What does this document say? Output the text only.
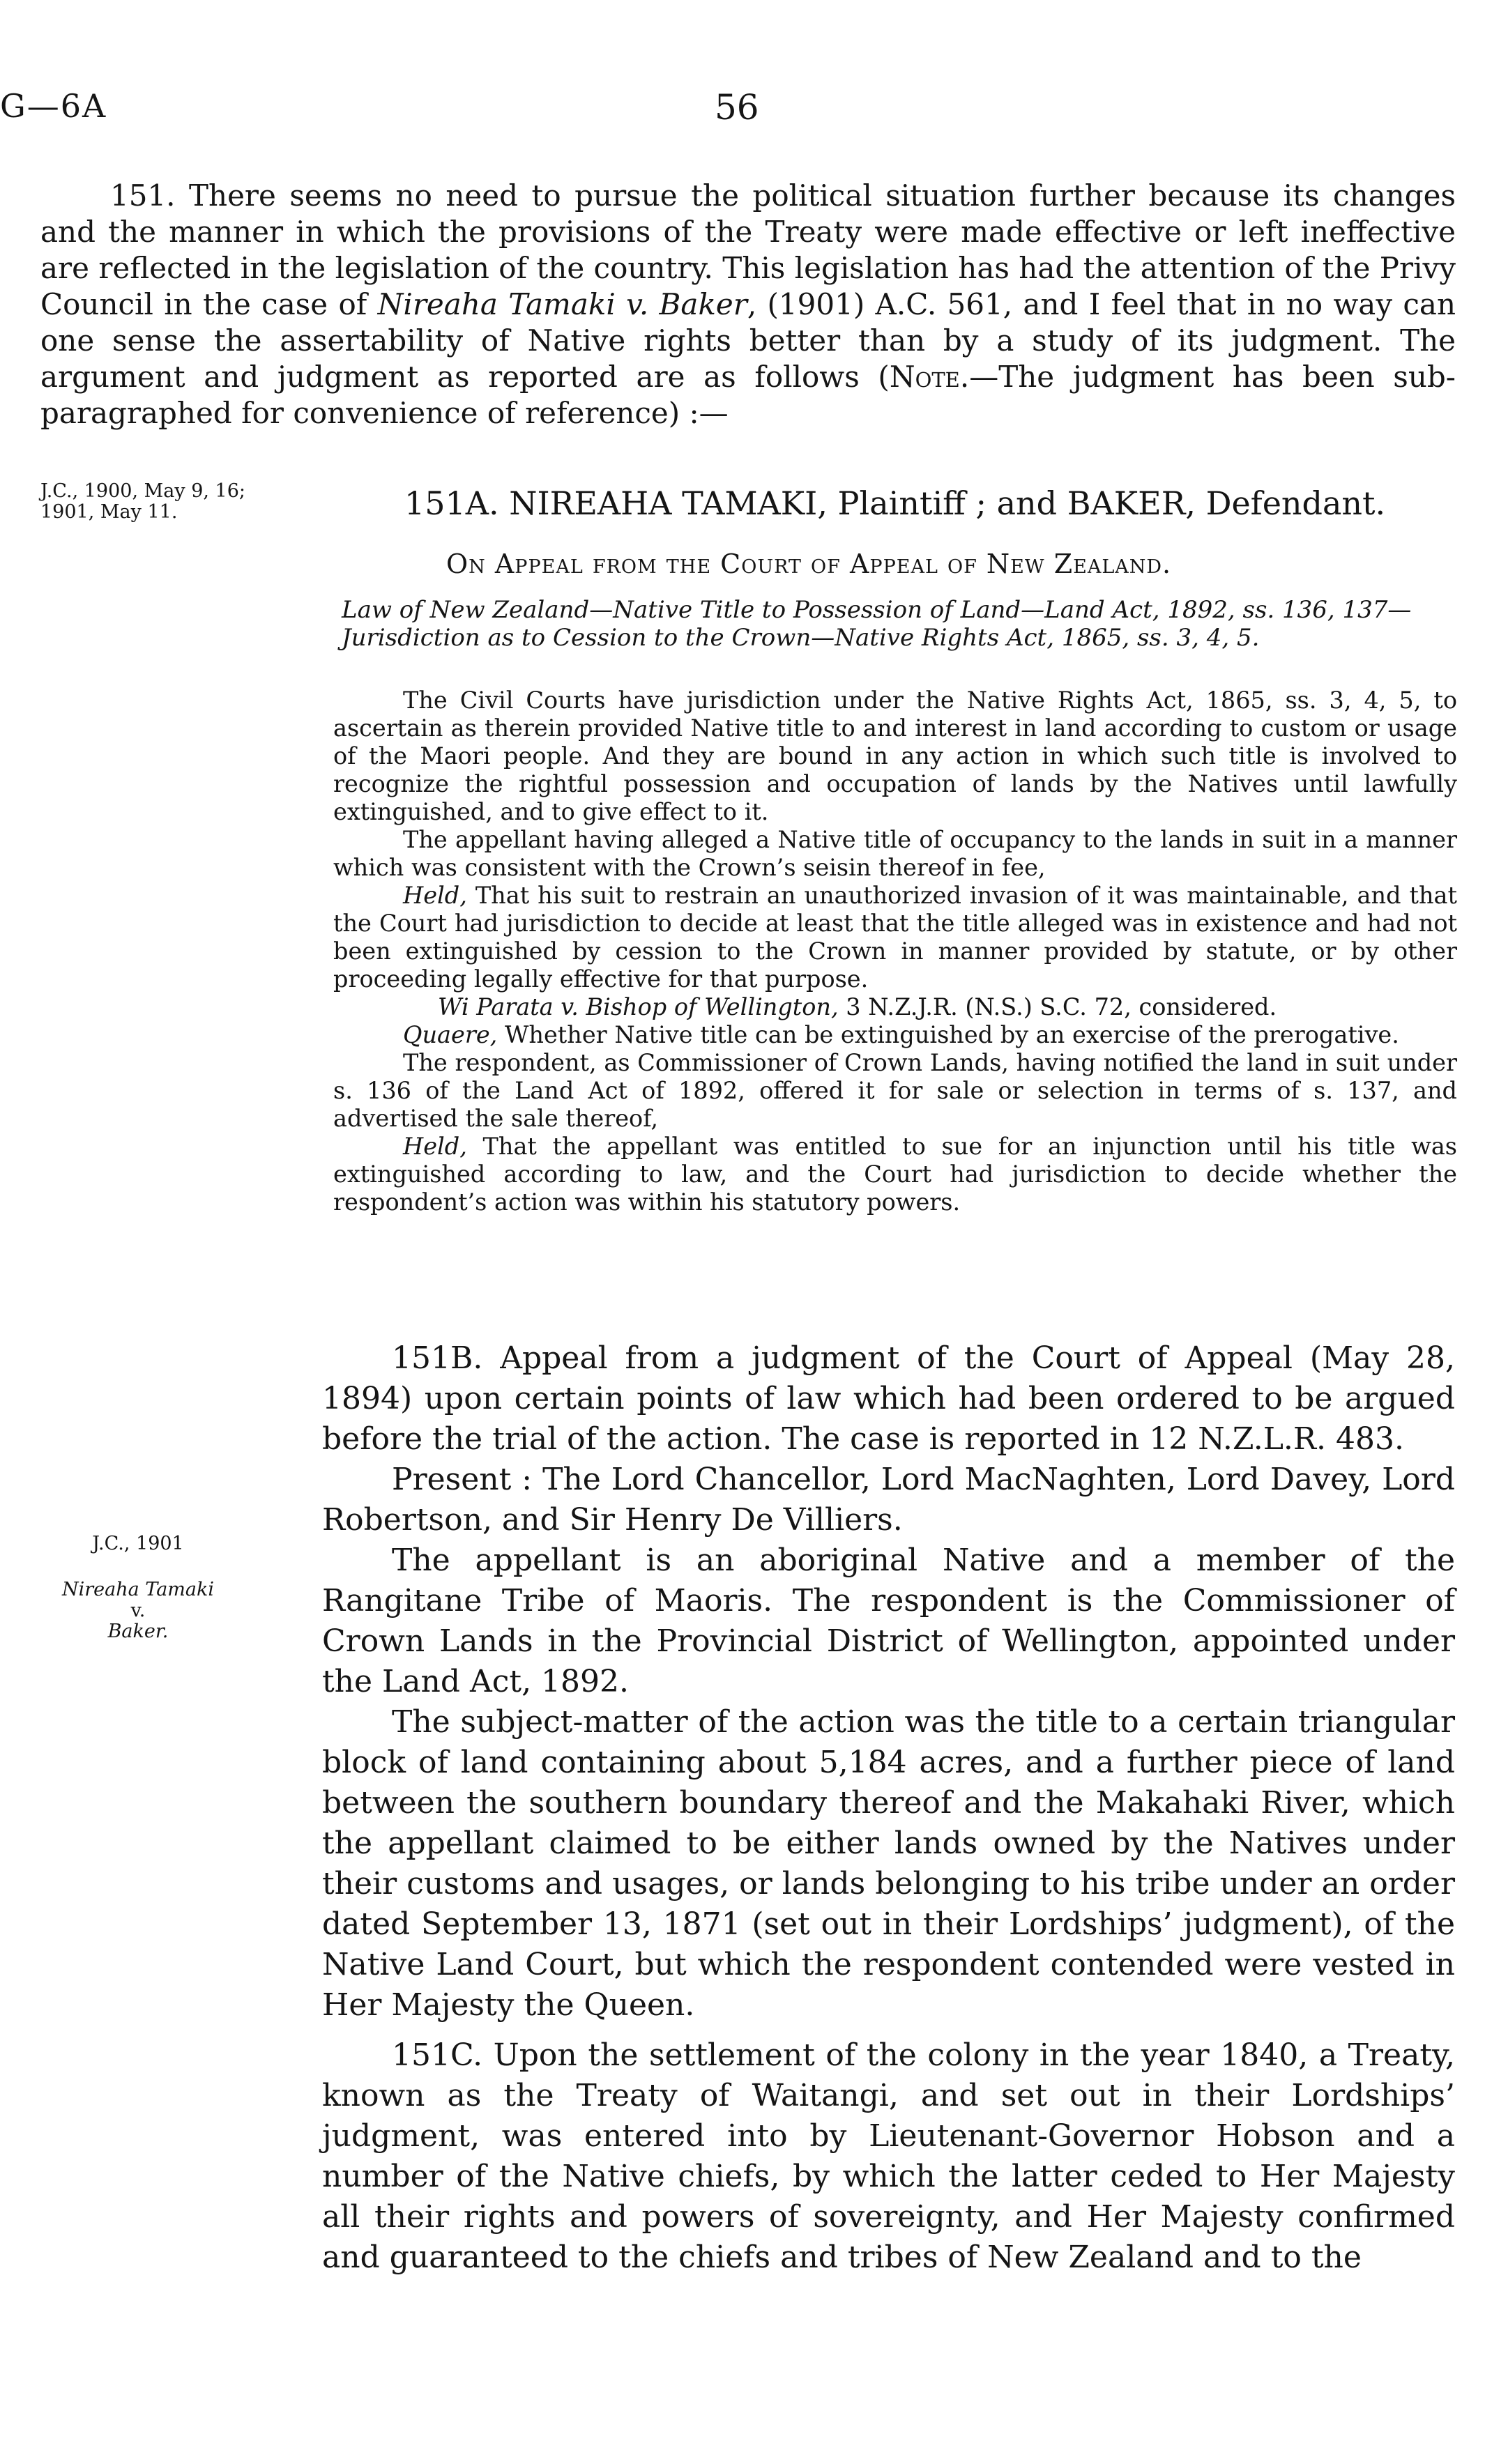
G—6A	56

151. There seems no need to pursue the political situation further because its changes and the manner in which the provisions of the Treaty were made effective or left ineffective are reflected in the legislation of the country. This legislation has had the attention of the Privy Council in the case of Nireaha Tamaki v. Baker, (1901) A.C. 561, and I feel that in no way can one sense the assertability of Native rights better than by a study of its judgment. The argument and judgment as reported are as follows (Note.—The judgment has been sub-paragraphed for convenience of reference) :—

J.C., 1900, May 9, 16;
1901, May 11.	151A. NIREAHA TAMAKI, Plaintiff ; and BAKER, Defendant.
On Appeal from the Court of Appeal of New Zealand.
Law of New Zealand—Native Title to Possession of Land—Land Act, 1892, ss. 136, 137—Jurisdiction as to Cession to the Crown—Native Rights Act, 1865, ss. 3, 4, 5.

The Civil Courts have jurisdiction under the Native Rights Act, 1865, ss. 3, 4, 5, to ascertain as therein provided Native title to and interest in land according to custom or usage of the Maori people. And they are bound in any action in which such title is involved to recognize the rightful possession and occupation of lands by the Natives until lawfully extinguished, and to give effect to it.

The appellant having alleged a Native title of occupancy to the lands in suit in a manner which was consistent with the Crown’s seisin thereof in fee,

Held, That his suit to restrain an unauthorized invasion of it was maintainable, and that the Court had jurisdiction to decide at least that the title alleged was in existence and had not been extinguished by cession to the Crown in manner provided by statute, or by other proceeding legally effective for that purpose.

Wi Parata v. Bishop of Wellington, 3 N.Z.J.R. (N.S.) S.C. 72, considered.

Quaere, Whether Native title can be extinguished by an exercise of the prerogative.

The respondent, as Commissioner of Crown Lands, having notified the land in suit under s. 136 of the Land Act of 1892, offered it for sale or selection in terms of s. 137, and advertised the sale thereof,

Held, That the appellant was entitled to sue for an injunction until his title was extinguished according to law, and the Court had jurisdiction to decide whether the respondent’s action was within his statutory powers.

J.C., 1901
Nireaha Tamaki
v.
Baker.

151B. Appeal from a judgment of the Court of Appeal (May 28, 1894) upon certain points of law which had been ordered to be argued before the trial of the action. The case is reported in 12 N.Z.L.R. 483.

Present : The Lord Chancellor, Lord MacNaghten, Lord Davey, Lord Robertson, and Sir Henry De Villiers.

The appellant is an aboriginal Native and a member of the Rangitane Tribe of Maoris. The respondent is the Commissioner of Crown Lands in the Provincial District of Wellington, appointed under the Land Act, 1892.

The subject-matter of the action was the title to a certain triangular block of land containing about 5,184 acres, and a further piece of land between the southern boundary thereof and the Makahaki River, which the appellant claimed to be either lands owned by the Natives under their customs and usages, or lands belonging to his tribe under an order dated September 13, 1871 (set out in their Lordships’ judgment), of the Native Land Court, but which the respondent contended were vested in Her Majesty the Queen.

151C. Upon the settlement of the colony in the year 1840, a Treaty, known as the Treaty of Waitangi, and set out in their Lordships’ judgment, was entered into by Lieutenant-Governor Hobson and a number of the Native chiefs, by which the latter ceded to Her Majesty all their rights and powers of sovereignty, and Her Majesty confirmed and guaranteed to the chiefs and tribes of New Zealand and to the
